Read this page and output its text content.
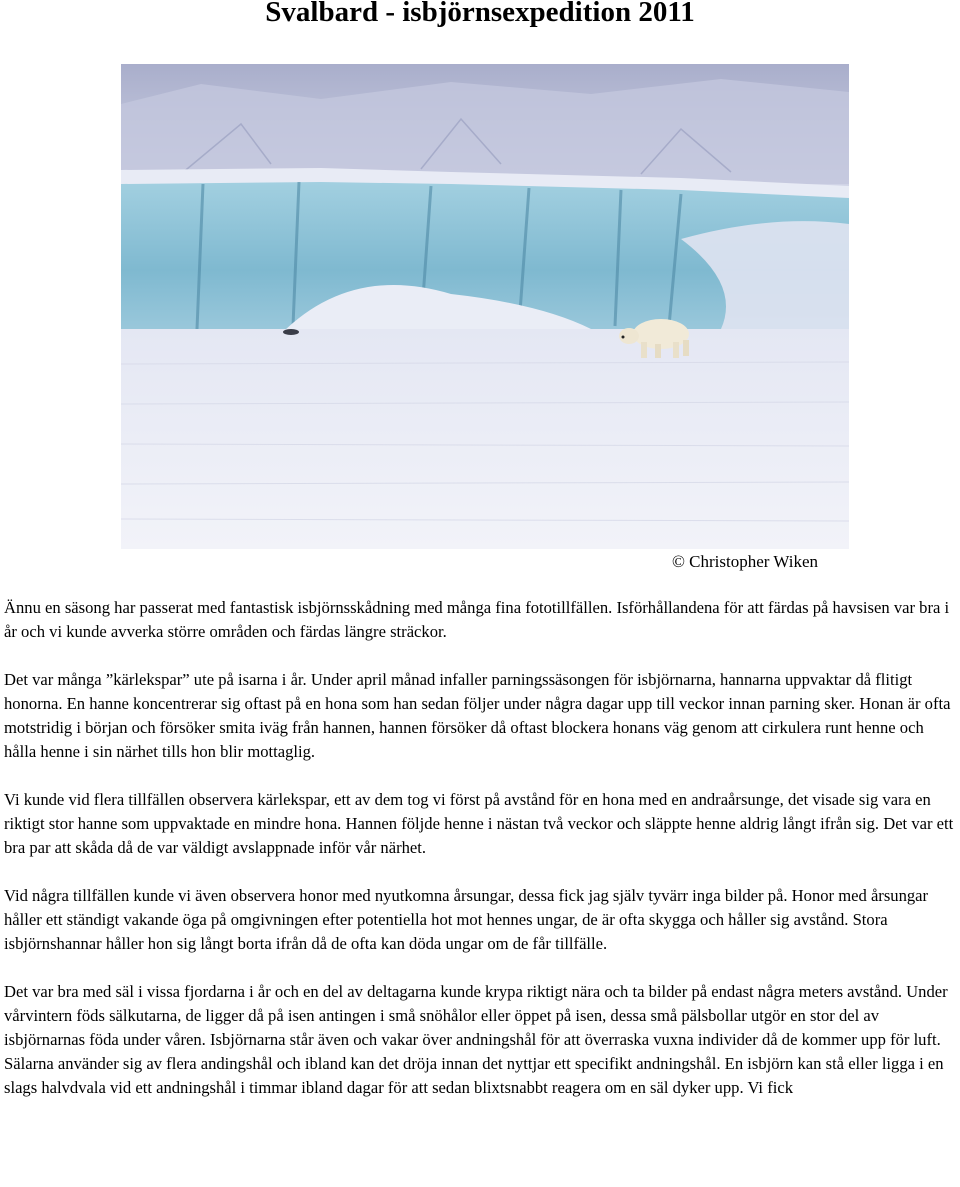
Svalbard - isbjörnsexpedition 2011
© Christopher Wiken

Ännu en säsong har passerat med fantastisk isbjörnsskådning med många fina fototillfällen. Isförhållandena för att färdas på havsisen var bra i år och vi kunde avverka större områden och färdas längre sträckor.

Det var många ”kärlekspar” ute på isarna i år. Under april månad infaller parningssäsongen för isbjörnarna, hannarna uppvaktar då flitigt honorna. En hanne koncentrerar sig oftast på en hona som han sedan följer under några dagar upp till veckor innan parning sker. Honan är ofta motstridig i början och försöker smita iväg från hannen, hannen försöker då oftast blockera honans väg genom att cirkulera runt henne och hålla henne i sin närhet tills hon blir mottaglig.

Vi kunde vid flera tillfällen observera kärlekspar, ett av dem tog vi först på avstånd för en hona med en andraårsunge, det visade sig vara en riktigt stor hanne som uppvaktade en mindre hona. Hannen följde henne i nästan två veckor och släppte henne aldrig långt ifrån sig. Det var ett bra par att skåda då de var väldigt avslappnade inför vår närhet.

Vid några tillfällen kunde vi även observera honor med nyutkomna årsungar, dessa fick jag själv tyvärr inga bilder på. Honor med årsungar håller ett ständigt vakande öga på omgivningen efter potentiella hot mot hennes ungar, de är ofta skygga och håller sig avstånd. Stora isbjörnshannar håller hon sig långt borta ifrån då de ofta kan döda ungar om de får tillfälle.

Det var bra med säl i vissa fjordarna i år och en del av deltagarna kunde krypa riktigt nära och ta bilder på endast några meters avstånd. Under vårvintern föds sälkutarna, de ligger då på isen antingen i små snöhålor eller öppet på isen, dessa små pälsbollar utgör en stor del av isbjörnarnas föda under våren. Isbjörnarna står även och vakar över andningshål för att överraska vuxna individer då de kommer upp för luft. Sälarna använder sig av flera andingshål och ibland kan det dröja innan det nyttjar ett specifikt andningshål. En isbjörn kan stå eller ligga i en slags halvdvala vid ett andningshål i timmar ibland dagar för att sedan blixtsnabbt reagera om en säl dyker upp. Vi fick
